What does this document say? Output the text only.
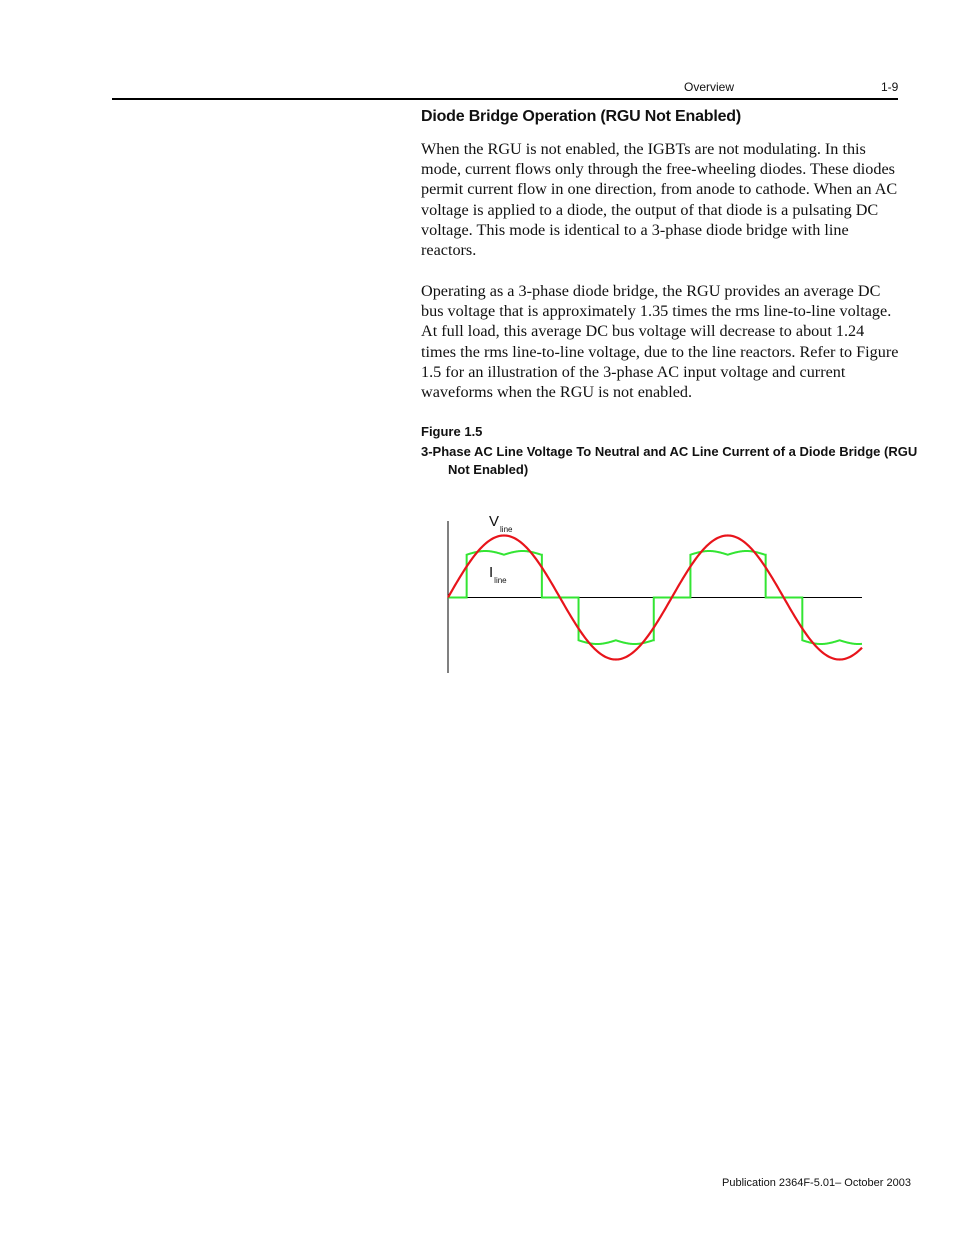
Overview	1-9
Diode Bridge Operation (RGU Not Enabled)

When the RGU is not enabled, the IGBTs are not modulating. In this mode, current flows only through the free-wheeling diodes. These diodes permit current flow in one direction, from anode to cathode. When an AC voltage is applied to a diode, the output of that diode is a pulsating DC voltage. This mode is identical to a 3-phase diode bridge with line reactors.

Operating as a 3-phase diode bridge, the RGU provides an average DC bus voltage that is approximately 1.35 times the rms line-to-line voltage. At full load, this average DC bus voltage will decrease to about 1.24 times the rms line-to-line voltage, due to the line reactors. Refer to Figure 1.5 for an illustration of the 3-phase AC input voltage and current waveforms when the RGU is not enabled.

Figure 1.5

3-Phase AC Line Voltage To Neutral and AC Line Current of a Diode Bridge (RGU Not Enabled)

$V_{line}$
$I_{line}$
Publication 2364F-5.01– October 2003
